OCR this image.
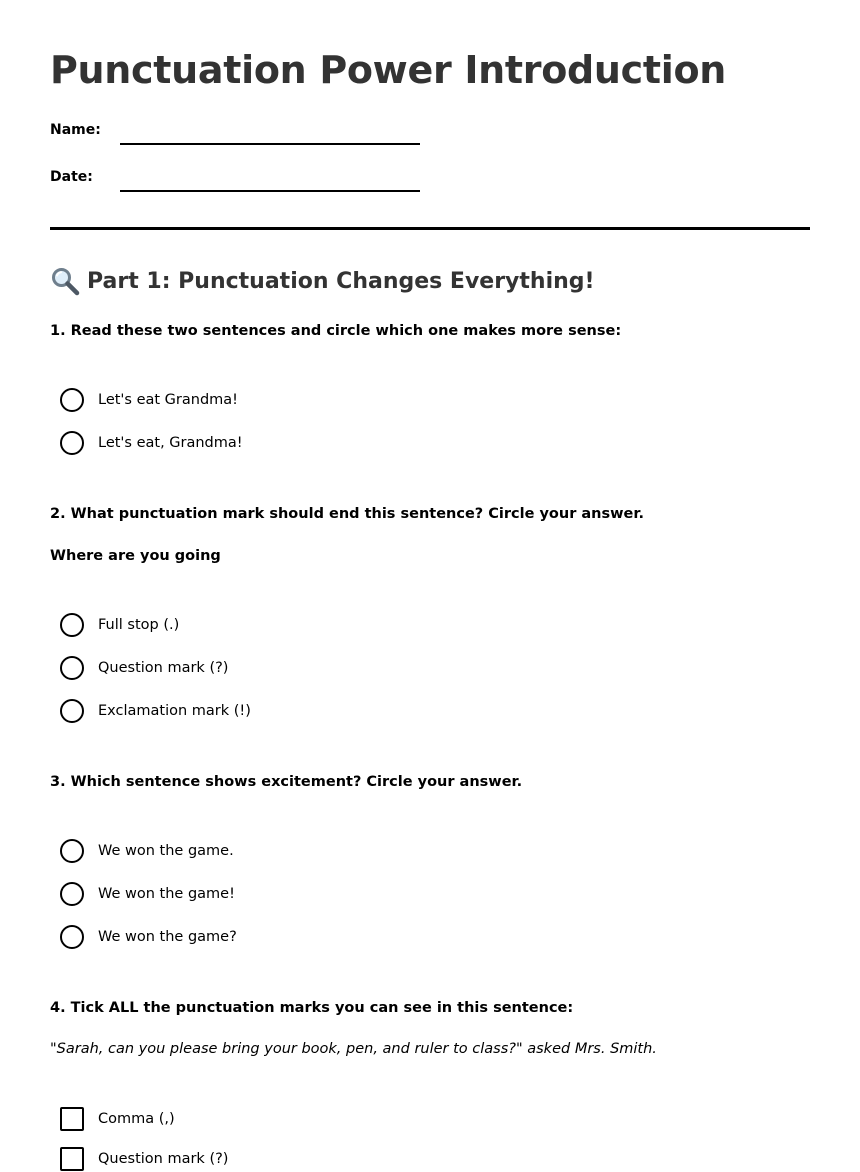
Punctuation Power Introduction
Name:
Date:
Part 1: Punctuation Changes Everything!
1. Read these two sentences and circle which one makes more sense:
Let's eat Grandma!
Let's eat, Grandma!
2. What punctuation mark should end this sentence? Circle your answer.
Where are you going
Full stop (.)
Question mark (?)
Exclamation mark (!)
3. Which sentence shows excitement? Circle your answer.
We won the game.
We won the game!
We won the game?
4. Tick ALL the punctuation marks you can see in this sentence:
"Sarah, can you please bring your book, pen, and ruler to class?" asked Mrs. Smith.
Comma (,)
Question mark (?)
